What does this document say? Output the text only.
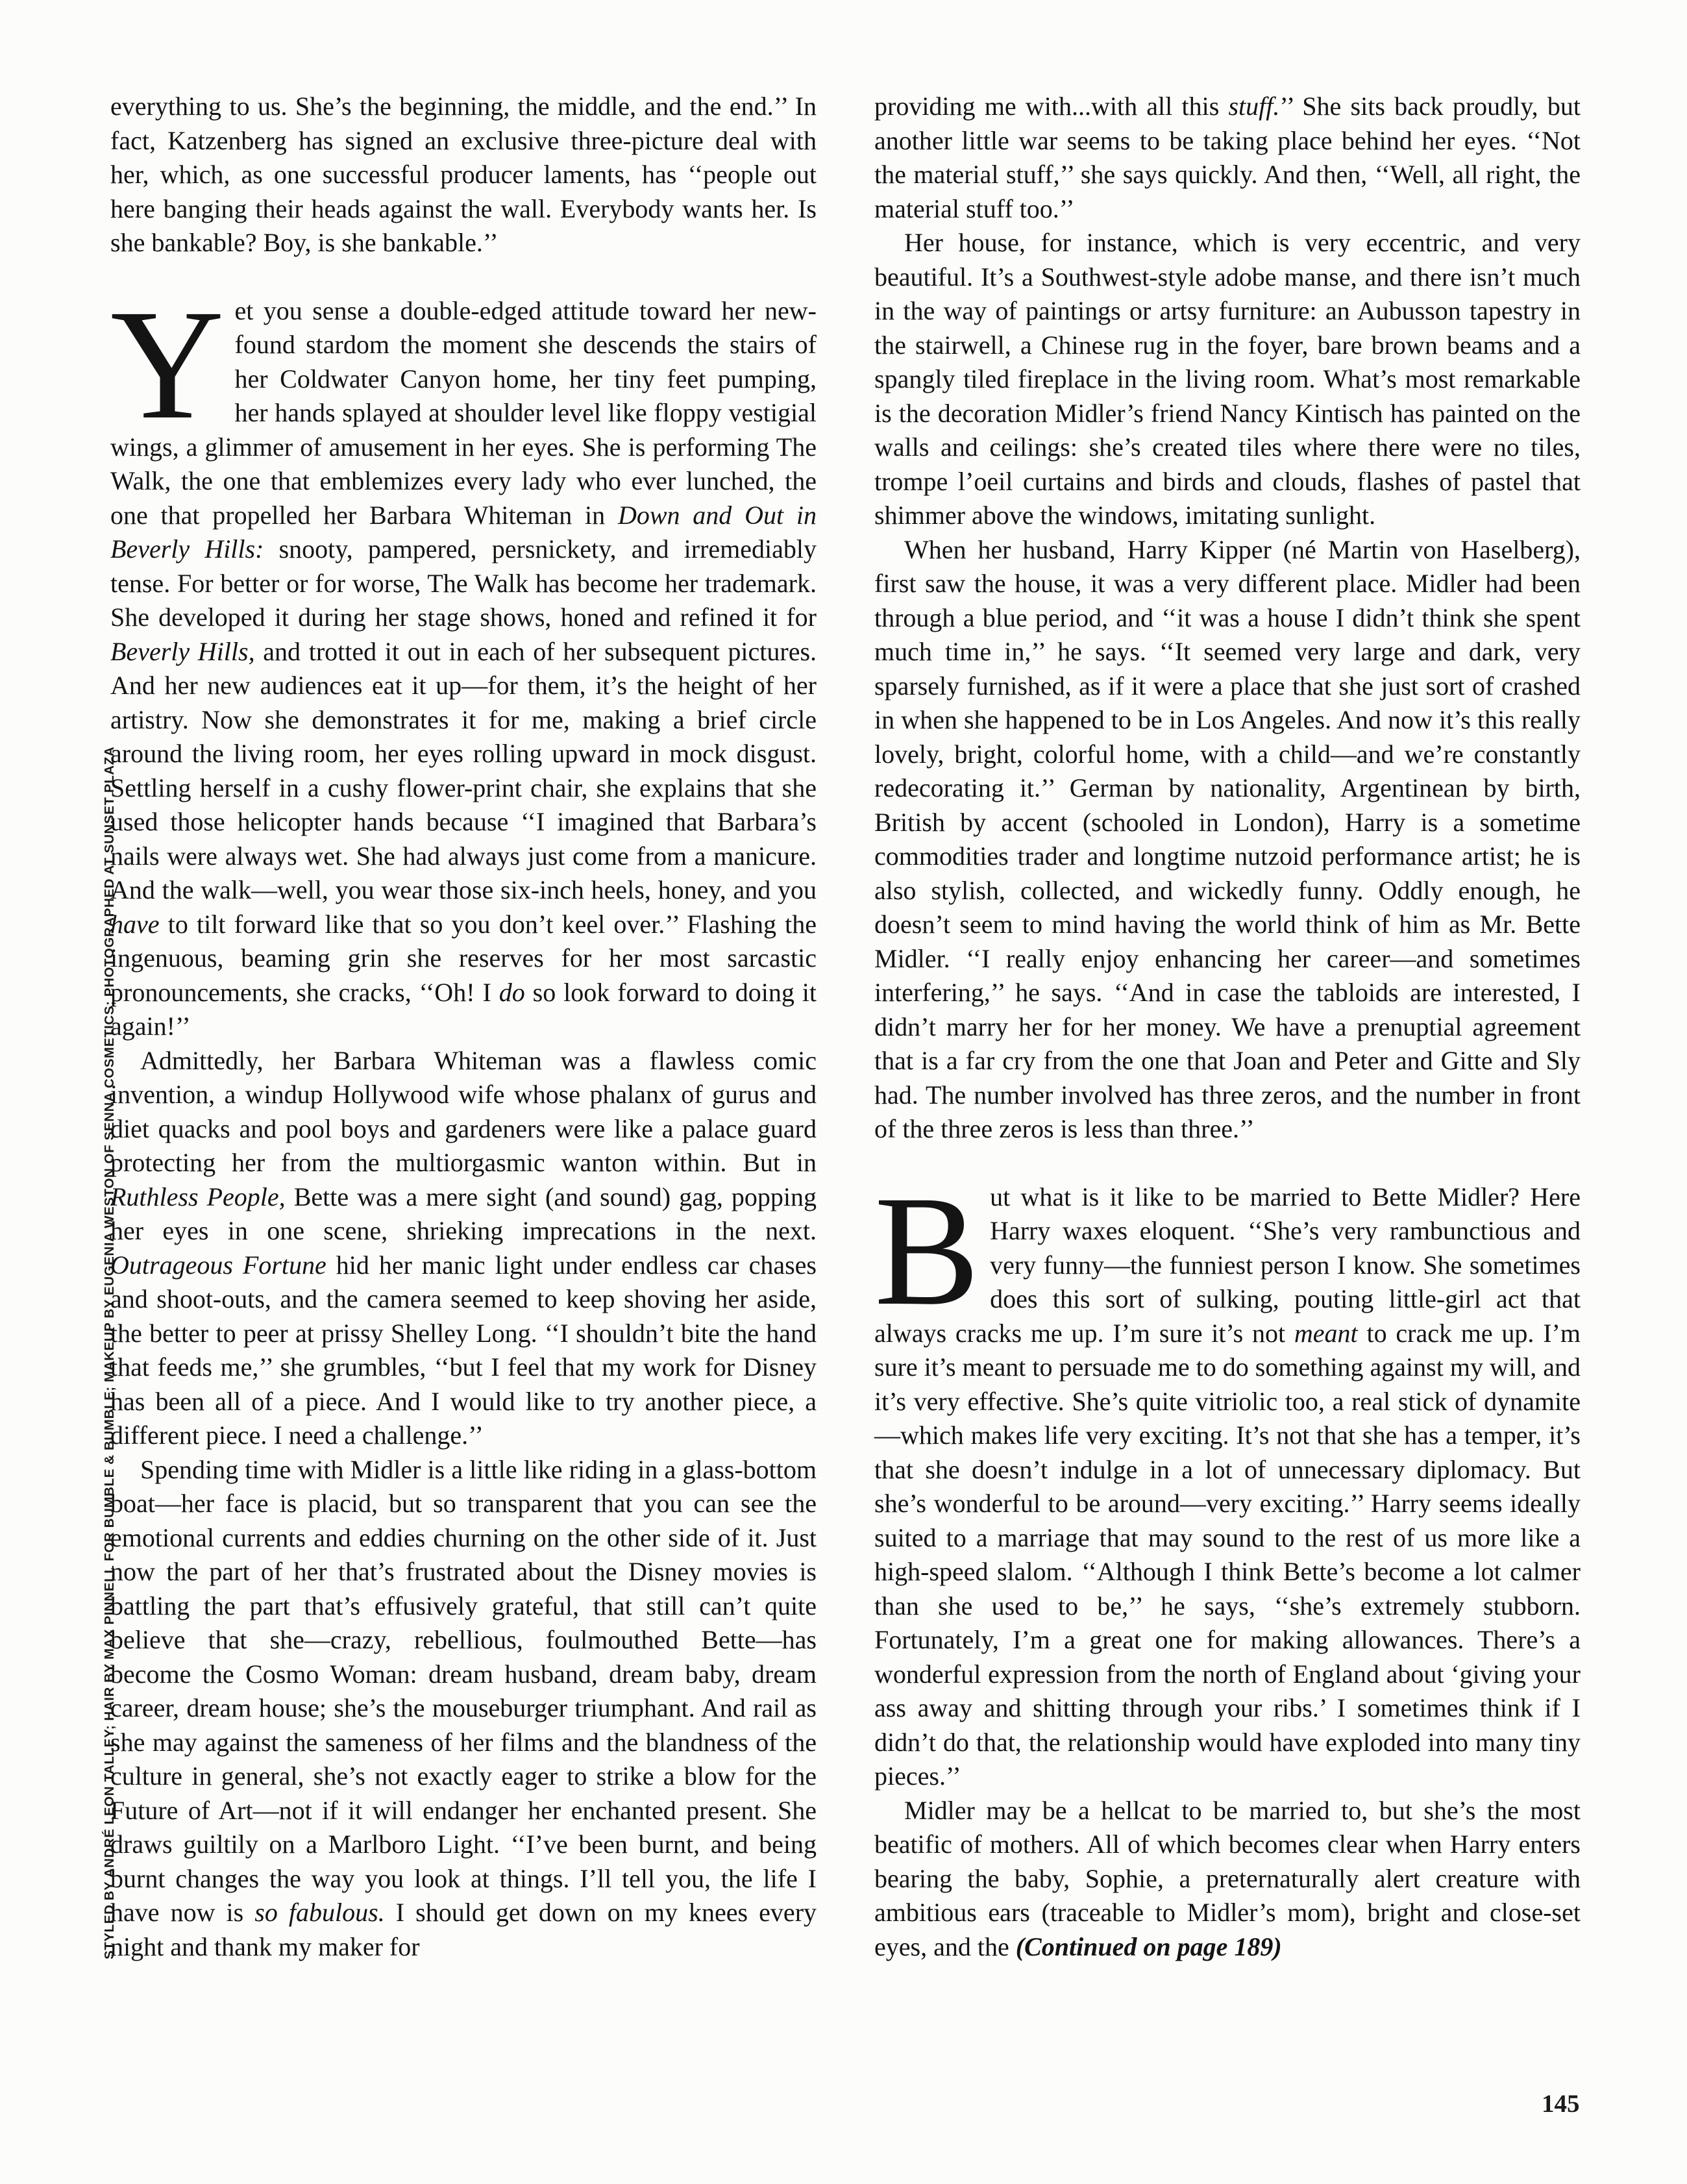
STYLED BY ANDRÉ LEON TALLEY; HAIR BY MAX PINNELL FOR BUMBLE & BUMBLE; MAKEUP BY EUGENIA WESTON OF SENNA COSMETICS; PHOTOGRAPHED AT SUNSET PLAZA

everything to us. She’s the beginning, the middle, and the end.’’ In fact, Katzenberg has signed an exclusive three-picture deal with her, which, as one successful producer laments, has ‘‘people out here banging their heads against the wall. Everybody wants her. Is she bankable? Boy, is she bankable.’’

Yet you sense a double-edged attitude toward her new-found stardom the moment she descends the stairs of her Coldwater Canyon home, her tiny feet pumping, her hands splayed at shoulder level like floppy vestigial wings, a glimmer of amusement in her eyes. She is performing The Walk, the one that emblemizes every lady who ever lunched, the one that propelled her Barbara Whiteman in Down and Out in Beverly Hills: snooty, pampered, persnickety, and irremediably tense. For better or for worse, The Walk has become her trademark. She developed it during her stage shows, honed and refined it for Beverly Hills, and trotted it out in each of her subsequent pictures. And her new audiences eat it up—for them, it’s the height of her artistry. Now she demonstrates it for me, making a brief circle around the living room, her eyes rolling upward in mock disgust. Settling herself in a cushy flower-print chair, she explains that she used those helicopter hands because ‘‘I imagined that Barbara’s nails were always wet. She had always just come from a manicure. And the walk—well, you wear those six-inch heels, honey, and you have to tilt forward like that so you don’t keel over.’’ Flashing the ingenuous, beaming grin she reserves for her most sarcastic pronouncements, she cracks, ‘‘Oh! I do so look forward to doing it again!’’

Admittedly, her Barbara Whiteman was a flawless comic invention, a windup Hollywood wife whose phalanx of gurus and diet quacks and pool boys and gardeners were like a palace guard protecting her from the multiorgasmic wanton within. But in Ruthless People, Bette was a mere sight (and sound) gag, popping her eyes in one scene, shrieking imprecations in the next. Outrageous Fortune hid her manic light under endless car chases and shoot-outs, and the camera seemed to keep shoving her aside, the better to peer at prissy Shelley Long. ‘‘I shouldn’t bite the hand that feeds me,’’ she grumbles, ‘‘but I feel that my work for Disney has been all of a piece. And I would like to try another piece, a different piece. I need a challenge.’’

Spending time with Midler is a little like riding in a glass-bottom boat—her face is placid, but so transparent that you can see the emotional currents and eddies churning on the other side of it. Just now the part of her that’s frustrated about the Disney movies is battling the part that’s effusively grateful, that still can’t quite believe that she—crazy, rebellious, foulmouthed Bette—has become the Cosmo Woman: dream husband, dream baby, dream career, dream house; she’s the mouseburger triumphant. And rail as she may against the sameness of her films and the blandness of the culture in general, she’s not exactly eager to strike a blow for the Future of Art—not if it will endanger her enchanted present. She draws guiltily on a Marlboro Light. ‘‘I’ve been burnt, and being burnt changes the way you look at things. I’ll tell you, the life I have now is so fabulous. I should get down on my knees every night and thank my maker for

providing me with...with all this stuff.’’ She sits back proudly, but another little war seems to be taking place behind her eyes. ‘‘Not the material stuff,’’ she says quickly. And then, ‘‘Well, all right, the material stuff too.’’

Her house, for instance, which is very eccentric, and very beautiful. It’s a Southwest-style adobe manse, and there isn’t much in the way of paintings or artsy furniture: an Aubusson tapestry in the stairwell, a Chinese rug in the foyer, bare brown beams and a spangly tiled fireplace in the living room. What’s most remarkable is the decoration Midler’s friend Nancy Kintisch has painted on the walls and ceilings: she’s created tiles where there were no tiles, trompe l’oeil curtains and birds and clouds, flashes of pastel that shimmer above the windows, imitating sunlight.

When her husband, Harry Kipper (né Martin von Haselberg), first saw the house, it was a very different place. Midler had been through a blue period, and ‘‘it was a house I didn’t think she spent much time in,’’ he says. ‘‘It seemed very large and dark, very sparsely furnished, as if it were a place that she just sort of crashed in when she happened to be in Los Angeles. And now it’s this really lovely, bright, colorful home, with a child—and we’re constantly redecorating it.’’ German by nationality, Argentinean by birth, British by accent (schooled in London), Harry is a sometime commodities trader and longtime nutzoid performance artist; he is also stylish, collected, and wickedly funny. Oddly enough, he doesn’t seem to mind having the world think of him as Mr. Bette Midler. ‘‘I really enjoy enhancing her career—and sometimes interfering,’’ he says. ‘‘And in case the tabloids are interested, I didn’t marry her for her money. We have a prenuptial agreement that is a far cry from the one that Joan and Peter and Gitte and Sly had. The number involved has three zeros, and the number in front of the three zeros is less than three.’’

But what is it like to be married to Bette Midler? Here Harry waxes eloquent. ‘‘She’s very rambunctious and very funny—the funniest person I know. She sometimes does this sort of sulking, pouting little-girl act that always cracks me up. I’m sure it’s not meant to crack me up. I’m sure it’s meant to persuade me to do something against my will, and it’s very effective. She’s quite vitriolic too, a real stick of dynamite—which makes life very exciting. It’s not that she has a temper, it’s that she doesn’t indulge in a lot of unnecessary diplomacy. But she’s wonderful to be around—very exciting.’’ Harry seems ideally suited to a marriage that may sound to the rest of us more like a high-speed slalom. ‘‘Although I think Bette’s become a lot calmer than she used to be,’’ he says, ‘‘she’s extremely stubborn. Fortunately, I’m a great one for making allowances. There’s a wonderful expression from the north of England about ‘giving your ass away and shitting through your ribs.’ I sometimes think if I didn’t do that, the relationship would have exploded into many tiny pieces.’’

Midler may be a hellcat to be married to, but she’s the most beatific of mothers. All of which becomes clear when Harry enters bearing the baby, Sophie, a preternaturally alert creature with ambitious ears (traceable to Midler’s mom), bright and close-set eyes, and the (Continued on page 189)

145
